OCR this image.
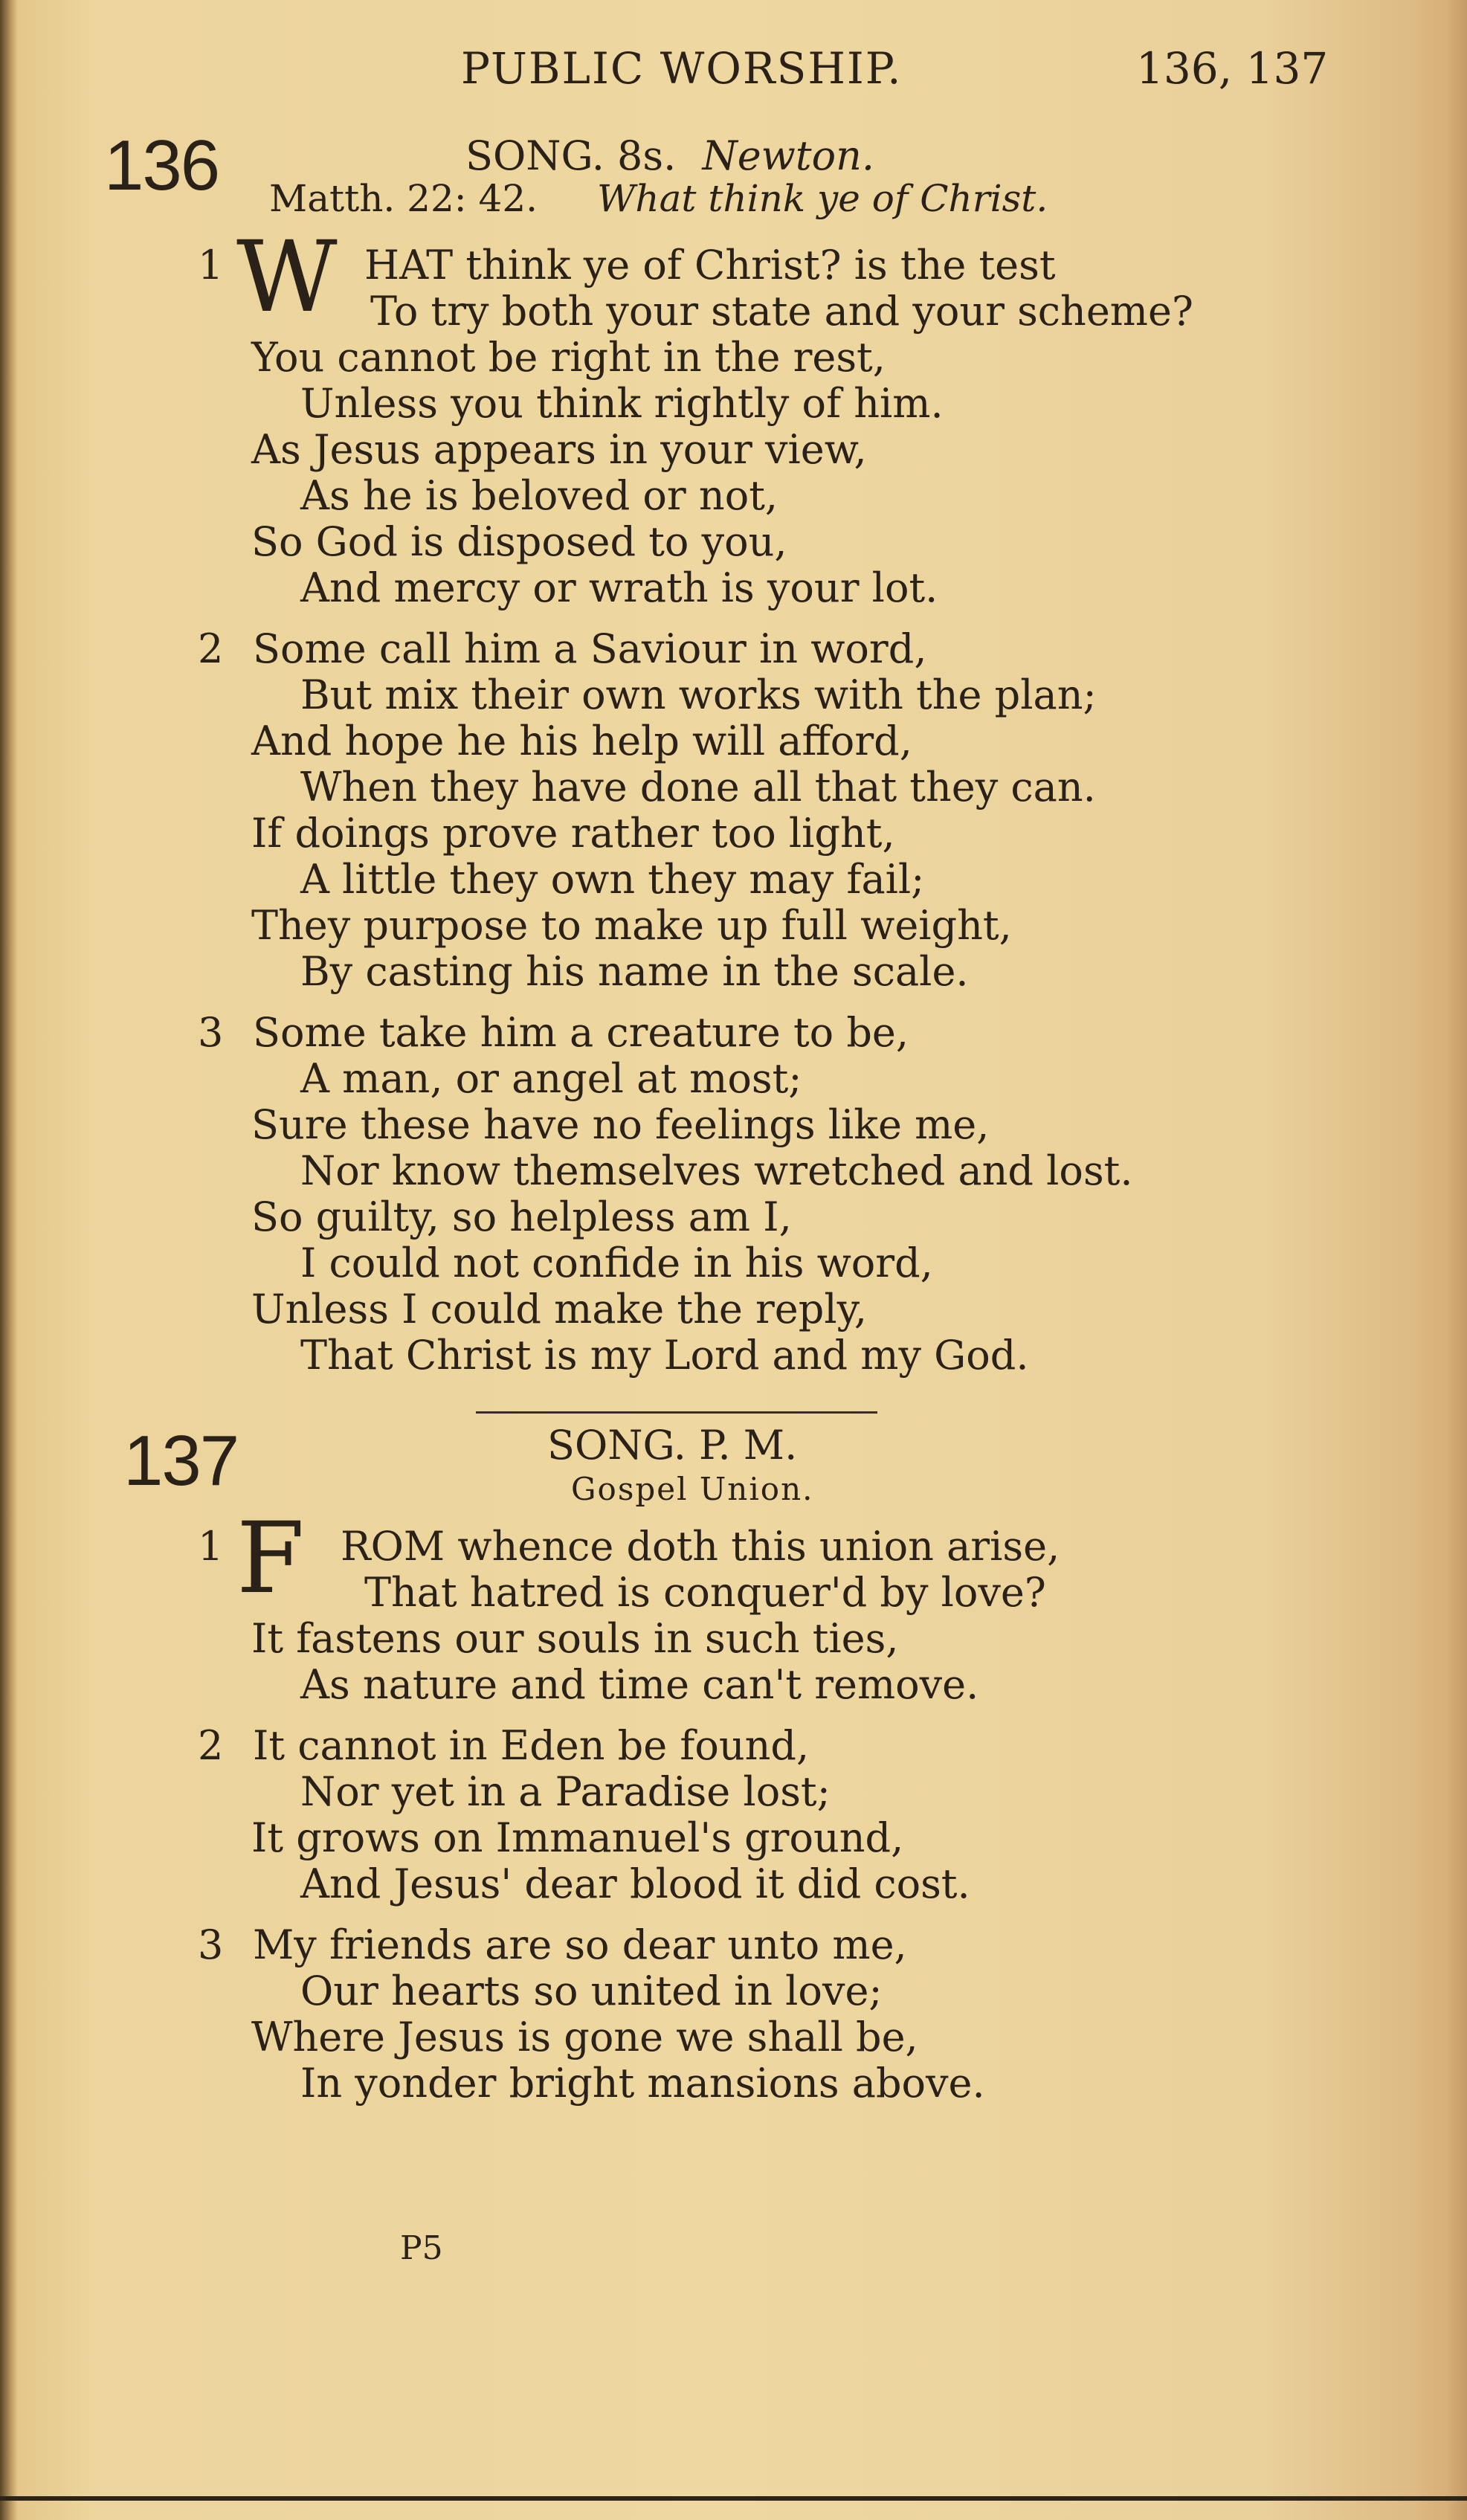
PUBLIC WORSHIP.	136, 137
136	SONG. 8s. Newton.
Matth. 22: 42. What think ye of Christ.
1 W HAT think ye of Christ? is the test
To try both your state and your scheme?
You cannot be right in the rest,
Unless you think rightly of him.
As Jesus appears in your view,
As he is beloved or not,
So God is disposed to you,
And mercy or wrath is your lot.
2 Some call him a Saviour in word,
But mix their own works with the plan;
And hope he his help will afford,
When they have done all that they can.
If doings prove rather too light,
A little they own they may fail;
They purpose to make up full weight,
By casting his name in the scale.
3 Some take him a creature to be,
A man, or angel at most;
Sure these have no feelings like me,
Nor know themselves wretched and lost.
So guilty, so helpless am I,
I could not confide in his word,
Unless I could make the reply,
That Christ is my Lord and my God.
137	SONG. P. M.
Gospel Union.
1 F ROM whence doth this union arise,
That hatred is conquer'd by love?
It fastens our souls in such ties,
As nature and time can't remove.
2 It cannot in Eden be found,
Nor yet in a Paradise lost;
It grows on Immanuel's ground,
And Jesus' dear blood it did cost.
3 My friends are so dear unto me,
Our hearts so united in love;
Where Jesus is gone we shall be,
In yonder bright mansions above.
P5
